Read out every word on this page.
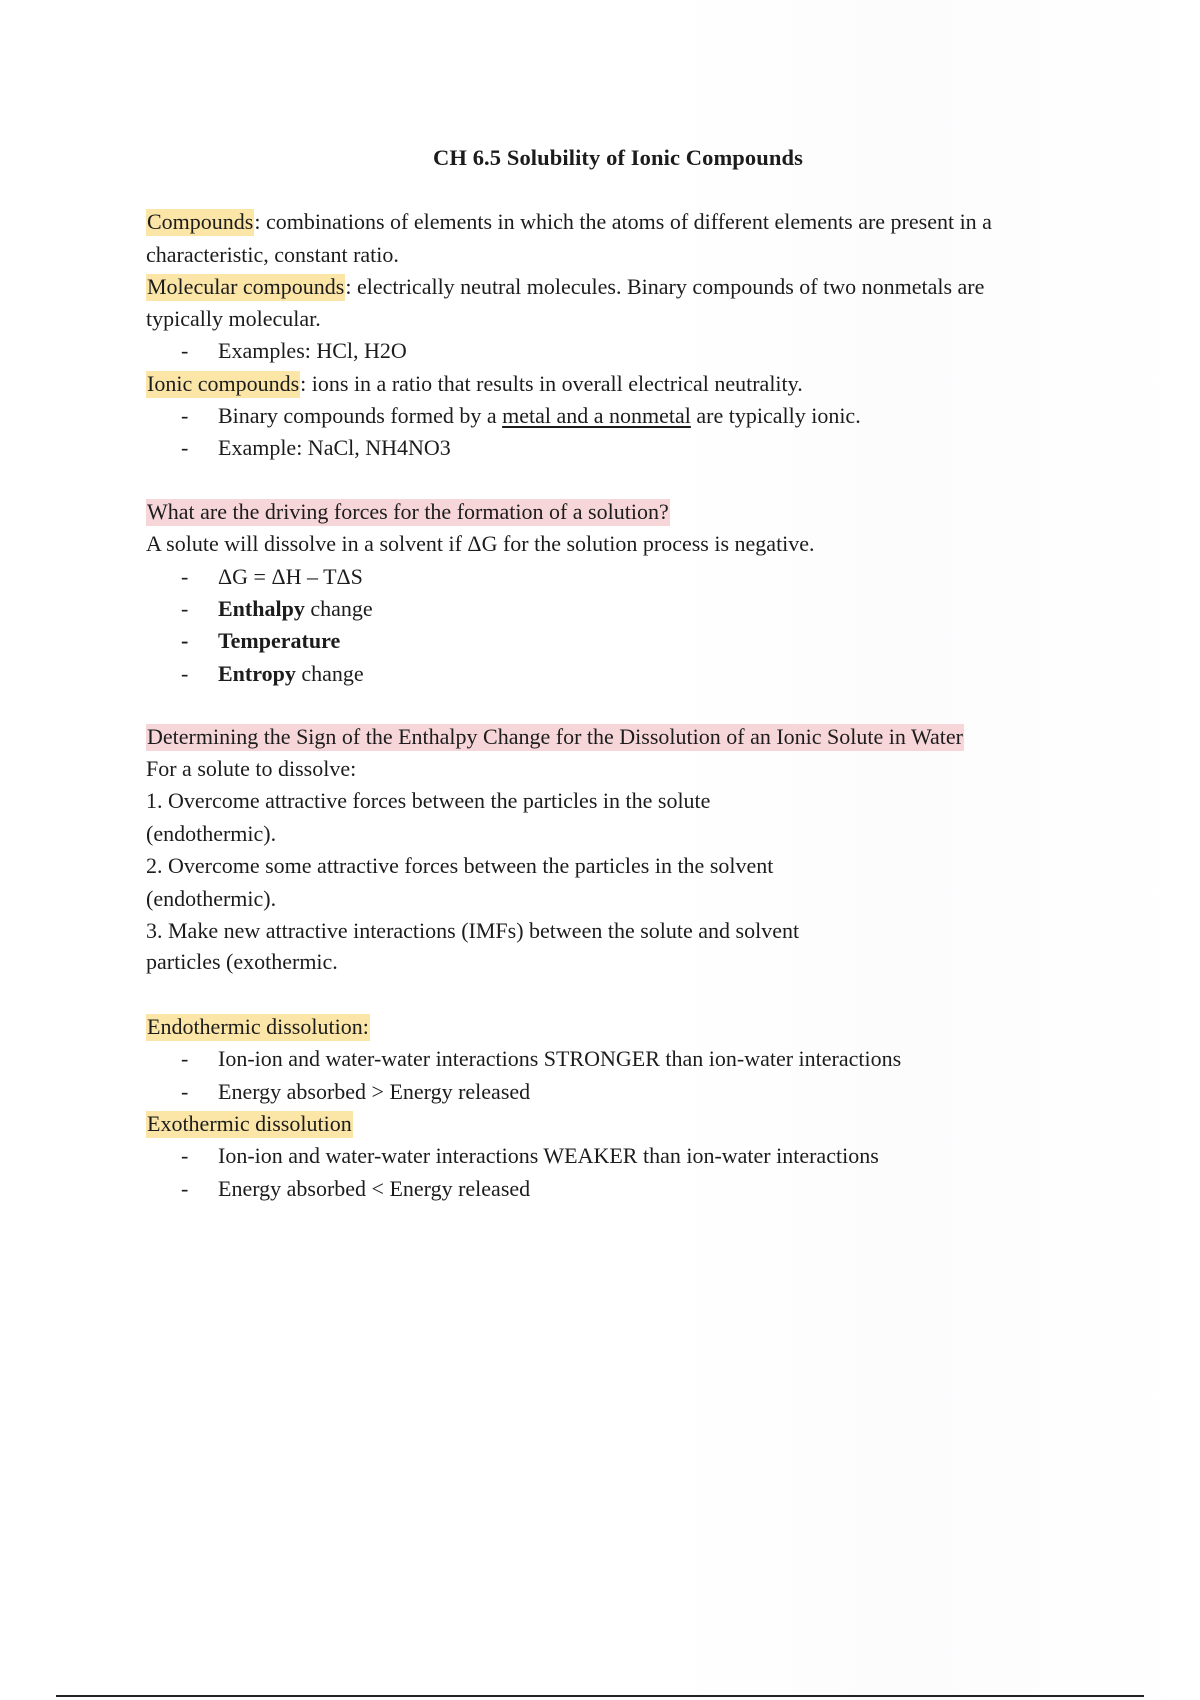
CH 6.5 Solubility of Ionic Compounds
Compounds: combinations of elements in which the atoms of different elements are present in a
characteristic, constant ratio.
Molecular compounds: electrically neutral molecules. Binary compounds of two nonmetals are
typically molecular.
- Examples: HCl, H2O
Ionic compounds: ions in a ratio that results in overall electrical neutrality.
- Binary compounds formed by a metal and a nonmetal are typically ionic.
- Example: NaCl, NH4NO3
What are the driving forces for the formation of a solution?
A solute will dissolve in a solvent if ΔG for the solution process is negative.
- ΔG = ΔH – TΔS
- Enthalpy change
- Temperature
- Entropy change
Determining the Sign of the Enthalpy Change for the Dissolution of an Ionic Solute in Water
For a solute to dissolve:
1. Overcome attractive forces between the particles in the solute
(endothermic).
2. Overcome some attractive forces between the particles in the solvent
(endothermic).
3. Make new attractive interactions (IMFs) between the solute and solvent
particles (exothermic.
Endothermic dissolution:
- Ion-ion and water-water interactions STRONGER than ion-water interactions
- Energy absorbed > Energy released
Exothermic dissolution
- Ion-ion and water-water interactions WEAKER than ion-water interactions
- Energy absorbed < Energy released
